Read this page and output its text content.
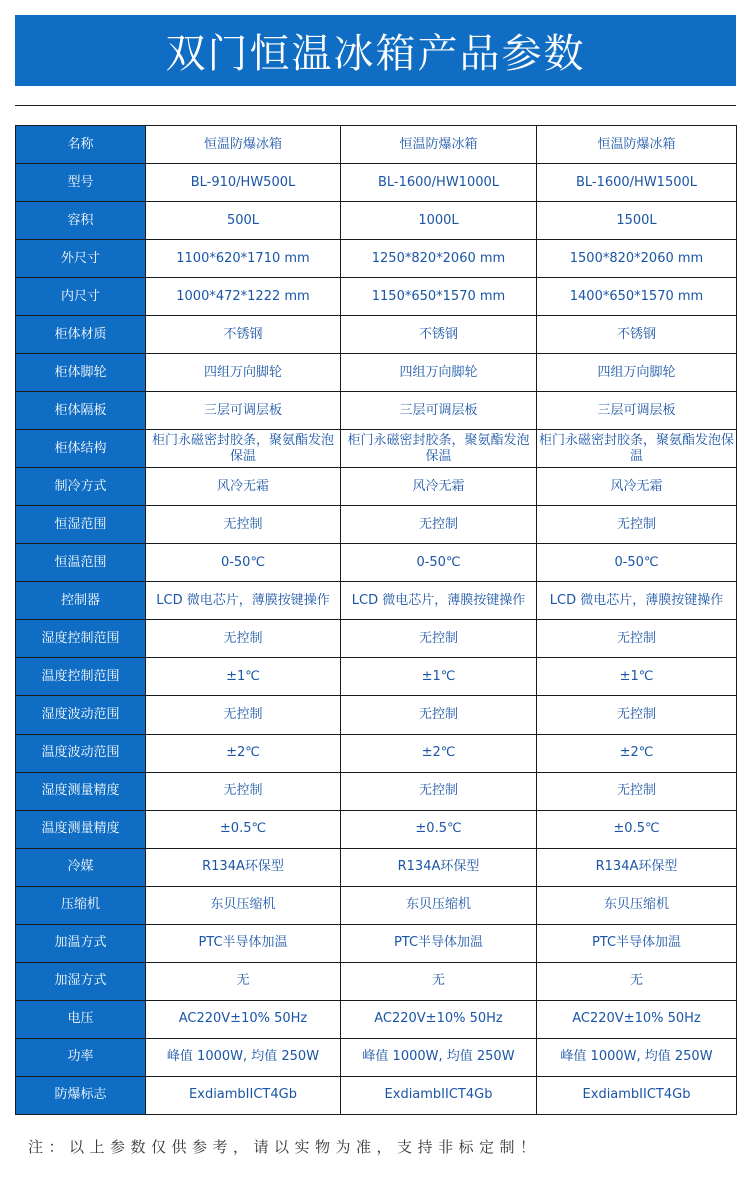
双门恒温冰箱产品参数
名称	恒温防爆冰箱	恒温防爆冰箱	恒温防爆冰箱
型号	BL-910/HW500L	BL-1600/HW1000L	BL-1600/HW1500L
容积	500L	1000L	1500L
外尺寸	1100*620*1710 mm	1250*820*2060 mm	1500*820*2060 mm
内尺寸	1000*472*1222 mm	1150*650*1570 mm	1400*650*1570 mm
柜体材质	不锈钢	不锈钢	不锈钢
柜体脚轮	四组万向脚轮	四组万向脚轮	四组万向脚轮
柜体隔板	三层可调层板	三层可调层板	三层可调层板
柜体结构	柜门永磁密封胶条，聚氨酯发泡保温	柜门永磁密封胶条，聚氨酯发泡保温	柜门永磁密封胶条，聚氨酯发泡保温
制冷方式	风冷无霜	风冷无霜	风冷无霜
恒湿范围	无控制	无控制	无控制
恒温范围	0-50℃	0-50℃	0-50℃
控制器	LCD 微电芯片，薄膜按键操作	LCD 微电芯片，薄膜按键操作	LCD 微电芯片，薄膜按键操作
湿度控制范围	无控制	无控制	无控制
温度控制范围	±1℃	±1℃	±1℃
湿度波动范围	无控制	无控制	无控制
温度波动范围	±2℃	±2℃	±2℃
湿度测量精度	无控制	无控制	无控制
温度测量精度	±0.5℃	±0.5℃	±0.5℃
冷媒	R134A环保型	R134A环保型	R134A环保型
压缩机	东贝压缩机	东贝压缩机	东贝压缩机
加温方式	PTC半导体加温	PTC半导体加温	PTC半导体加温
加湿方式	无	无	无
电压	AC220V±10% 50Hz	AC220V±10% 50Hz	AC220V±10% 50Hz
功率	峰值 1000W, 均值 250W	峰值 1000W, 均值 250W	峰值 1000W, 均值 250W
防爆标志	ExdiambIICT4Gb	ExdiambIICT4Gb	ExdiambIICT4Gb
注：以上参数仅供参考，请以实物为准，支持非标定制！
